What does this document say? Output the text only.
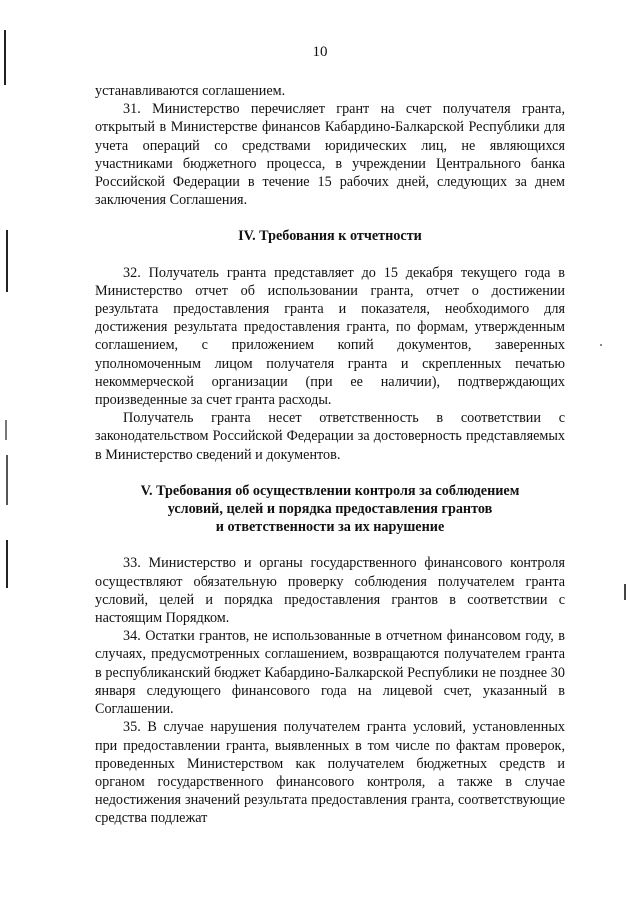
10

устанавливаются соглашением.

31. Министерство перечисляет грант на счет получателя гранта, открытый в Министерстве финансов Кабардино-Балкарской Республики для учета операций со средствами юридических лиц, не являющихся участниками бюджетного процесса, в учреждении Центрального банка Российской Федерации в течение 15 рабочих дней, следующих за днем заключения Соглашения.

IV. Требования к отчетности

32. Получатель гранта представляет до 15 декабря текущего года в Министерство отчет об использовании гранта, отчет о достижении результата предоставления гранта и показателя, необходимого для достижения результата предоставления гранта, по формам, утвержденным соглашением, с приложением копий документов, заверенных уполномоченным лицом получателя гранта и скрепленных печатью некоммерческой организации (при ее наличии), подтверждающих произведенные за счет гранта расходы.

Получатель гранта несет ответственность в соответствии с законодательством Российской Федерации за достоверность представляемых в Министерство сведений и документов.

V. Требования об осуществлении контроля за соблюдением
условий, целей и порядка предоставления грантов
и ответственности за их нарушение

33. Министерство и органы государственного финансового контроля осуществляют обязательную проверку соблюдения получателем гранта условий, целей и порядка предоставления грантов в соответствии с настоящим Порядком.

34. Остатки грантов, не использованные в отчетном финансовом году, в случаях, предусмотренных соглашением, возвращаются получателем гранта в республиканский бюджет Кабардино-Балкарской Республики не позднее 30 января следующего финансового года на лицевой счет, указанный в Соглашении.

35. В случае нарушения получателем гранта условий, установленных при предоставлении гранта, выявленных в том числе по фактам проверок, проведенных Министерством как получателем бюджетных средств и органом государственного финансового контроля, а также в случае недостижения значений результата предоставления гранта, соответствующие средства подлежат
